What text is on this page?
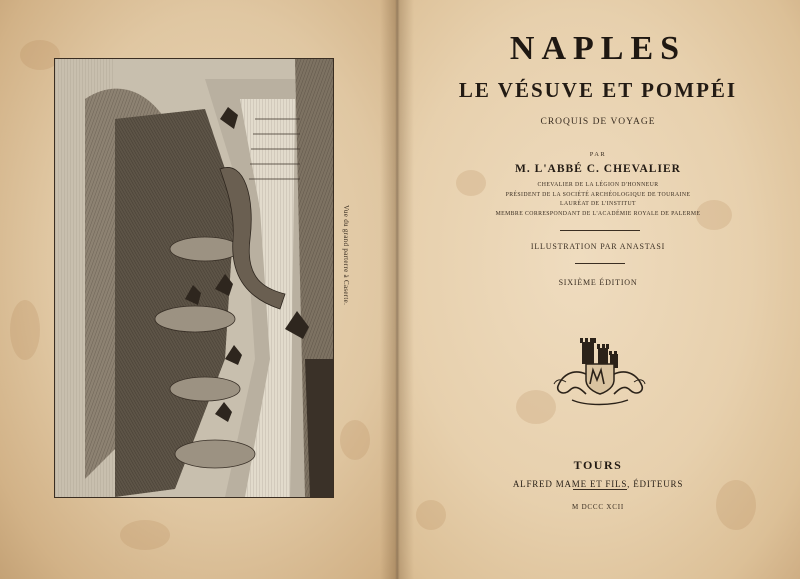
Vue du grand parterre à Caserte.
NAPLES
LE VÉSUVE ET POMPÉI
CROQUIS DE VOYAGE
PAR
M. L'ABBÉ C. CHEVALIER
CHEVALIER DE LA LÉGION D'HONNEUR
PRÉSIDENT DE LA SOCIÉTÉ ARCHÉOLOGIQUE DE TOURAINE
LAURÉAT DE L'INSTITUT
MEMBRE CORRESPONDANT DE L'ACADÉMIE ROYALE DE PALERME
ILLUSTRATION PAR ANASTASI
SIXIÈME ÉDITION
TOURS
ALFRED MAME ET FILS, ÉDITEURS
M DCCC XCII
